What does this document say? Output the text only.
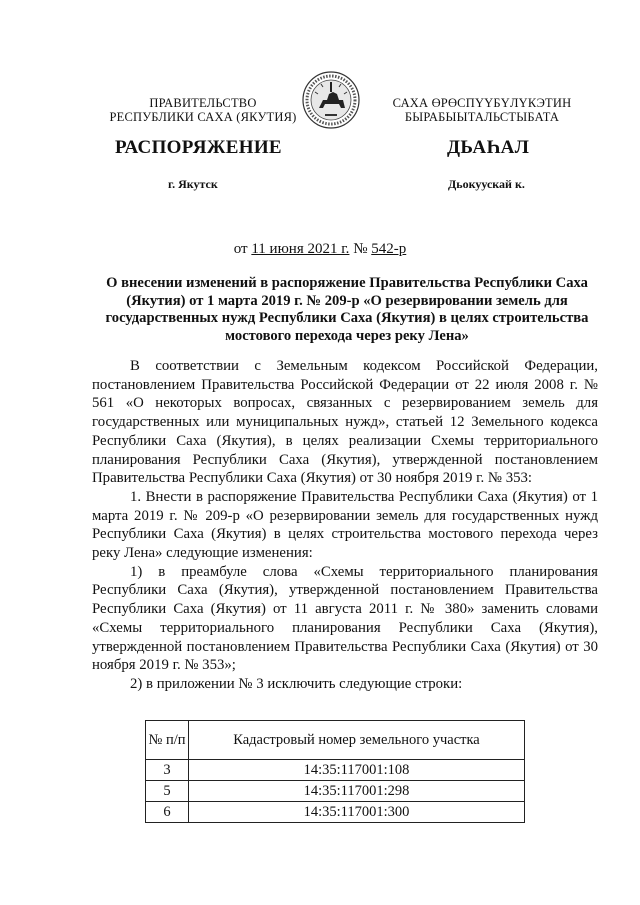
ПРАВИТЕЛЬСТВО
РЕСПУБЛИКИ САХА (ЯКУТИЯ)
САХА ӨРӨСПҮҮБҮЛҮКЭТИН
БЫРАБЫЫТАЛЬСТЫБАТА
РАСПОРЯЖЕНИЕ	ДЬАҺАЛ
г. Якутск	Дьокуускай к.
от 11 июня 2021 г. № 542-р
О внесении изменений в распоряжение Правительства Республики Саха (Якутия) от 1 марта 2019 г. № 209-р «О резервировании земель для государственных нужд Республики Саха (Якутия) в целях строительства мостового перехода через реку Лена»

В соответствии с Земельным кодексом Российской Федерации, постановлением Правительства Российской Федерации от 22 июля 2008 г. № 561 «О некоторых вопросах, связанных с резервированием земель для государственных или муниципальных нужд», статьей 12 Земельного кодекса Республики Саха (Якутия), в целях реализации Схемы территориального планирования Республики Саха (Якутия), утвержденной постановлением Правительства Республики Саха (Якутия) от 30 ноября 2019 г. № 353:

1. Внести в распоряжение Правительства Республики Саха (Якутия) от 1 марта 2019 г. № 209-р «О резервировании земель для государственных нужд Республики Саха (Якутия) в целях строительства мостового перехода через реку Лена» следующие изменения:

1) в преамбуле слова «Схемы территориального планирования Республики Саха (Якутия), утвержденной постановлением Правительства Республики Саха (Якутия) от 11 августа 2011 г. № 380» заменить словами «Схемы территориального планирования Республики Саха (Якутия), утвержденной постановлением Правительства Республики Саха (Якутия) от 30 ноября 2019 г. № 353»;

2) в приложении № 3 исключить следующие строки:

№ п/п	Кадастровый номер земельного участка
3	14:35:117001:108
5	14:35:117001:298
6	14:35:117001:300
